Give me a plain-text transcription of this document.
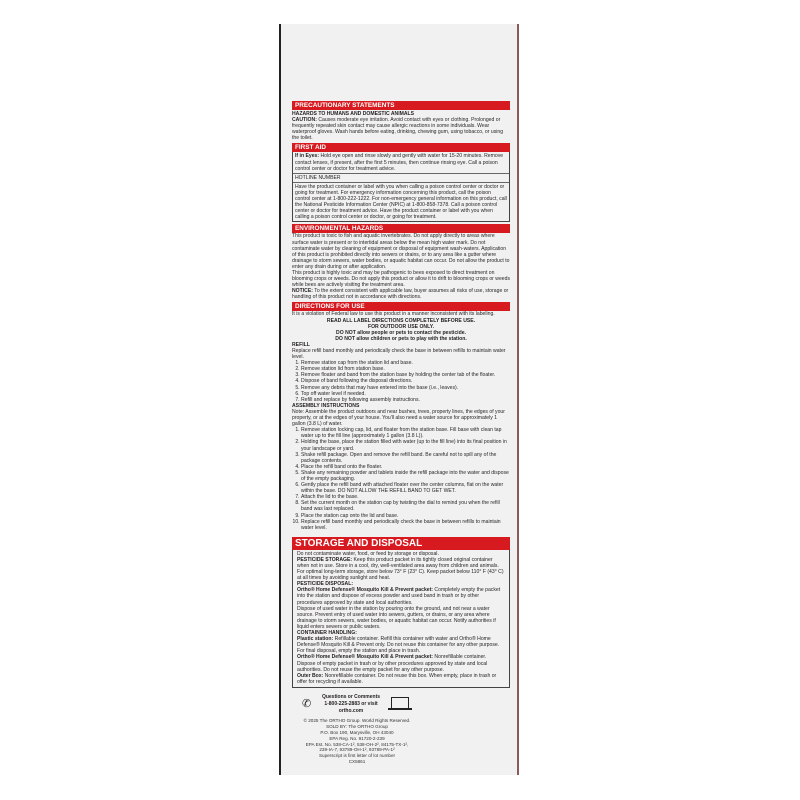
PRECAUTIONARY STATEMENTS
HAZARDS TO HUMANS AND DOMESTIC ANIMALS

CAUTION: Causes moderate eye irritation. Avoid contact with eyes or clothing. Prolonged or frequently repeated skin contact may cause allergic reactions in some individuals. Wear waterproof gloves. Wash hands before eating, drinking, chewing gum, using tobacco, or using the toilet.

FIRST AID
If in Eyes: Hold eye open and rinse slowly and gently with water for 15-20 minutes. Remove contact lenses, if present, after the first 5 minutes, then continue rinsing eye. Call a poison control center or doctor for treatment advice.
HOTLINE NUMBER
Have the product container or label with you when calling a poison control center or doctor or going for treatment. For emergency information concerning this product, call the poison control center at 1-800-222-1222. For non-emergency general information on this product, call the National Pesticide Information Center (NPIC) at 1-800-858-7378. Call a poison control center or doctor for treatment advice. Have the product container or label with you when calling a poison control center or doctor, or going for treatment.
ENVIRONMENTAL HAZARDS

This product is toxic to fish and aquatic invertebrates. Do not apply directly to areas where surface water is present or to intertidal areas below the mean high water mark. Do not contaminate water by cleaning of equipment or disposal of equipment wash-waters. Application of this product is prohibited directly into sewers or drains, or to any area like a gutter where drainage to storm sewers, water bodies, or aquatic habitat can occur. Do not allow the product to enter any drain during or after application.

This product is highly toxic and may be pathogenic to bees exposed to direct treatment on blooming crops or weeds. Do not apply this product or allow it to drift to blooming crops or weeds while bees are actively visiting the treatment area.

NOTICE: To the extent consistent with applicable law, buyer assumes all risks of use, storage or handling of this product not in accordance with directions.

DIRECTIONS FOR USE

It is a violation of Federal law to use this product in a manner inconsistent with its labeling.

READ ALL LABEL DIRECTIONS COMPLETELY BEFORE USE.

FOR OUTDOOR USE ONLY.

DO NOT allow people or pets to contact the pesticide.

DO NOT allow children or pets to play with the station.

REFILL

Replace refill band monthly and periodically check the base in between refills to maintain water level.

1. Remove station cap from the station lid and base.
2. Remove station lid from station base.
3. Remove floater and band from the station base by holding the center tab of the floater.
4. Dispose of band following the disposal directions.
5. Remove any debris that may have entered into the base (i.e., leaves).
6. Top off water level if needed.
7. Refill and replace by following assembly instructions.

ASSEMBLY INSTRUCTIONS

Note: Assemble the product outdoors and near bushes, trees, property lines, the edges of your property, or at the edges of your house. You'll also need a water source for approximately 1 gallon (3.8 L) of water.

1. Remove station locking cap, lid, and floater from the station base. Fill base with clean tap water up to the fill line (approximately 1 gallon (3.8 L)).
2. Holding the base, place the station filled with water (up to the fill line) into its final position in your landscape or yard.
3. Shake refill package. Open and remove the refill band. Be careful not to spill any of the package contents.
4. Place the refill band onto the floater.
5. Shake any remaining powder and tablets inside the refill package into the water and dispose of the empty packaging.
6. Gently place the refill band with attached floater over the center columns, flat on the water within the base. DO NOT ALLOW THE REFILL BAND TO GET WET.
7. Attach the lid to the base.
8. Set the current month on the station cap by twisting the dial to remind you when the refill band was last replaced.
9. Place the station cap onto the lid and base.
10. Replace refill band monthly and periodically check the base in between refills to maintain water level.
STORAGE AND DISPOSAL

Do not contaminate water, food, or feed by storage or disposal.

PESTICIDE STORAGE: Keep this product packet in its tightly closed original container when not in use. Store in a cool, dry, well-ventilated area away from children and animals. For optimal long-term storage, store below 73° F (23° C). Keep packet below 110° F (43° C) at all times by avoiding sunlight and heat.

PESTICIDE DISPOSAL:

Ortho® Home Defense® Mosquito Kill & Prevent packet: Completely empty the packet into the station and dispose of excess powder and used band in trash or by other procedures approved by state and local authorities.

Dispose of used water in the station by pouring onto the ground, and not near a water source. Prevent entry of used water into sewers, gutters, or drains, or any area where drainage to storm sewers, water bodies, or aquatic habitat can occur. Notify authorities if liquid enters sewers or public waters.

CONTAINER HANDLING:

Plastic station: Refillable container. Refill this container with water and Ortho® Home Defense® Mosquito Kill & Prevent only. Do not reuse this container for any other purpose. For final disposal, empty the station and place in trash.

Ortho® Home Defense® Mosquito Kill & Prevent packet: Nonrefillable container. Dispose of empty packet in trash or by other procedures approved by state and local authorities. Do not reuse the empty packet for any other purpose.

Outer Box: Nonrefillable container. Do not reuse this box. When empty, place in trash or offer for recycling if available.

✆
Questions or Comments
1-800-225-2883 or visit ortho.com
© 2025 The ORTHO Group. World Rights Reserved.
SOLD BY: The ORTHO Group
P.O. Box 190, Marysville, OH 43040
EPA Reg. No. 91720-2-239
EPA Est. No. 538-CA-1², 538-OH-2², 84175-TX-1²,
239-IA-7, 93789-OH-1², 93789-PA-1²
Superscript is first letter of lot number
CX5861
